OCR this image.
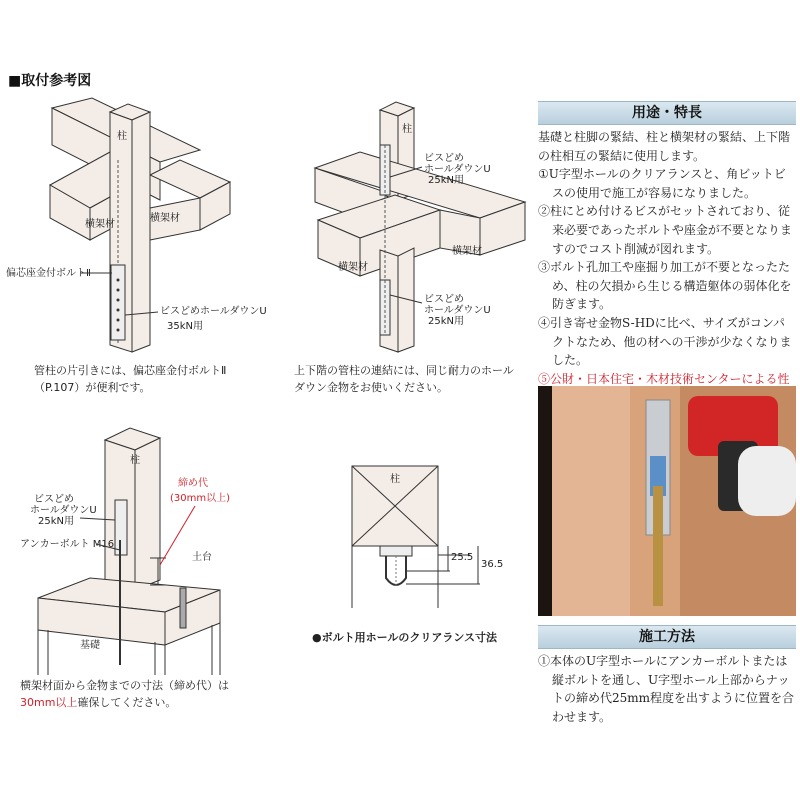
■取付参考図
柱
横架材
横架材
偏芯座金付ボルトⅡ
ビスどめホールダウンU
35kN用
管柱の片引きには、偏芯座金付ボルトⅡ
（P.107）が便利です。
柱
ビスどめ
ホールダウンU
25kN用
横架材
横架材
ビスどめ
ホールダウンU
25kN用
上下階の管柱の連結には、同じ耐力のホール
ダウン金物をお使いください。
柱
締め代
(30mm以上)
ビスどめ
ホールダウンU
25kN用
アンカーボルト M16
土台
基礎
横架材面から金物までの寸法（締め代）は
30mm以上確保してください。
柱
25.5
36.5
●ボルト用ホールのクリアランス寸法
用途・特長

基礎と柱脚の緊結、柱と横架材の緊結、上下階の柱相互の緊結に使用します。

①U字型ホールのクリアランスと、角ビットビスの使用で施工が容易になりました。

②柱にとめ付けるビスがセットされており、従来必要であったボルトや座金が不要となりますのでコスト削減が図れます。

③ボルト孔加工や座掘り加工が不要となったため、柱の欠損から生じる構造躯体の弱体化を防ぎます。

④引き寄せ金物S-HDに比べ、サイズがコンパクトなため、他の材への干渉が少なくなりました。

⑤公財・日本住宅・木材技術センターによる性

施工方法

①本体のU字型ホールにアンカーボルトまたは縦ボルトを通し、U字型ホール上部からナットの締め代25mm程度を出すように位置を合わせます。
